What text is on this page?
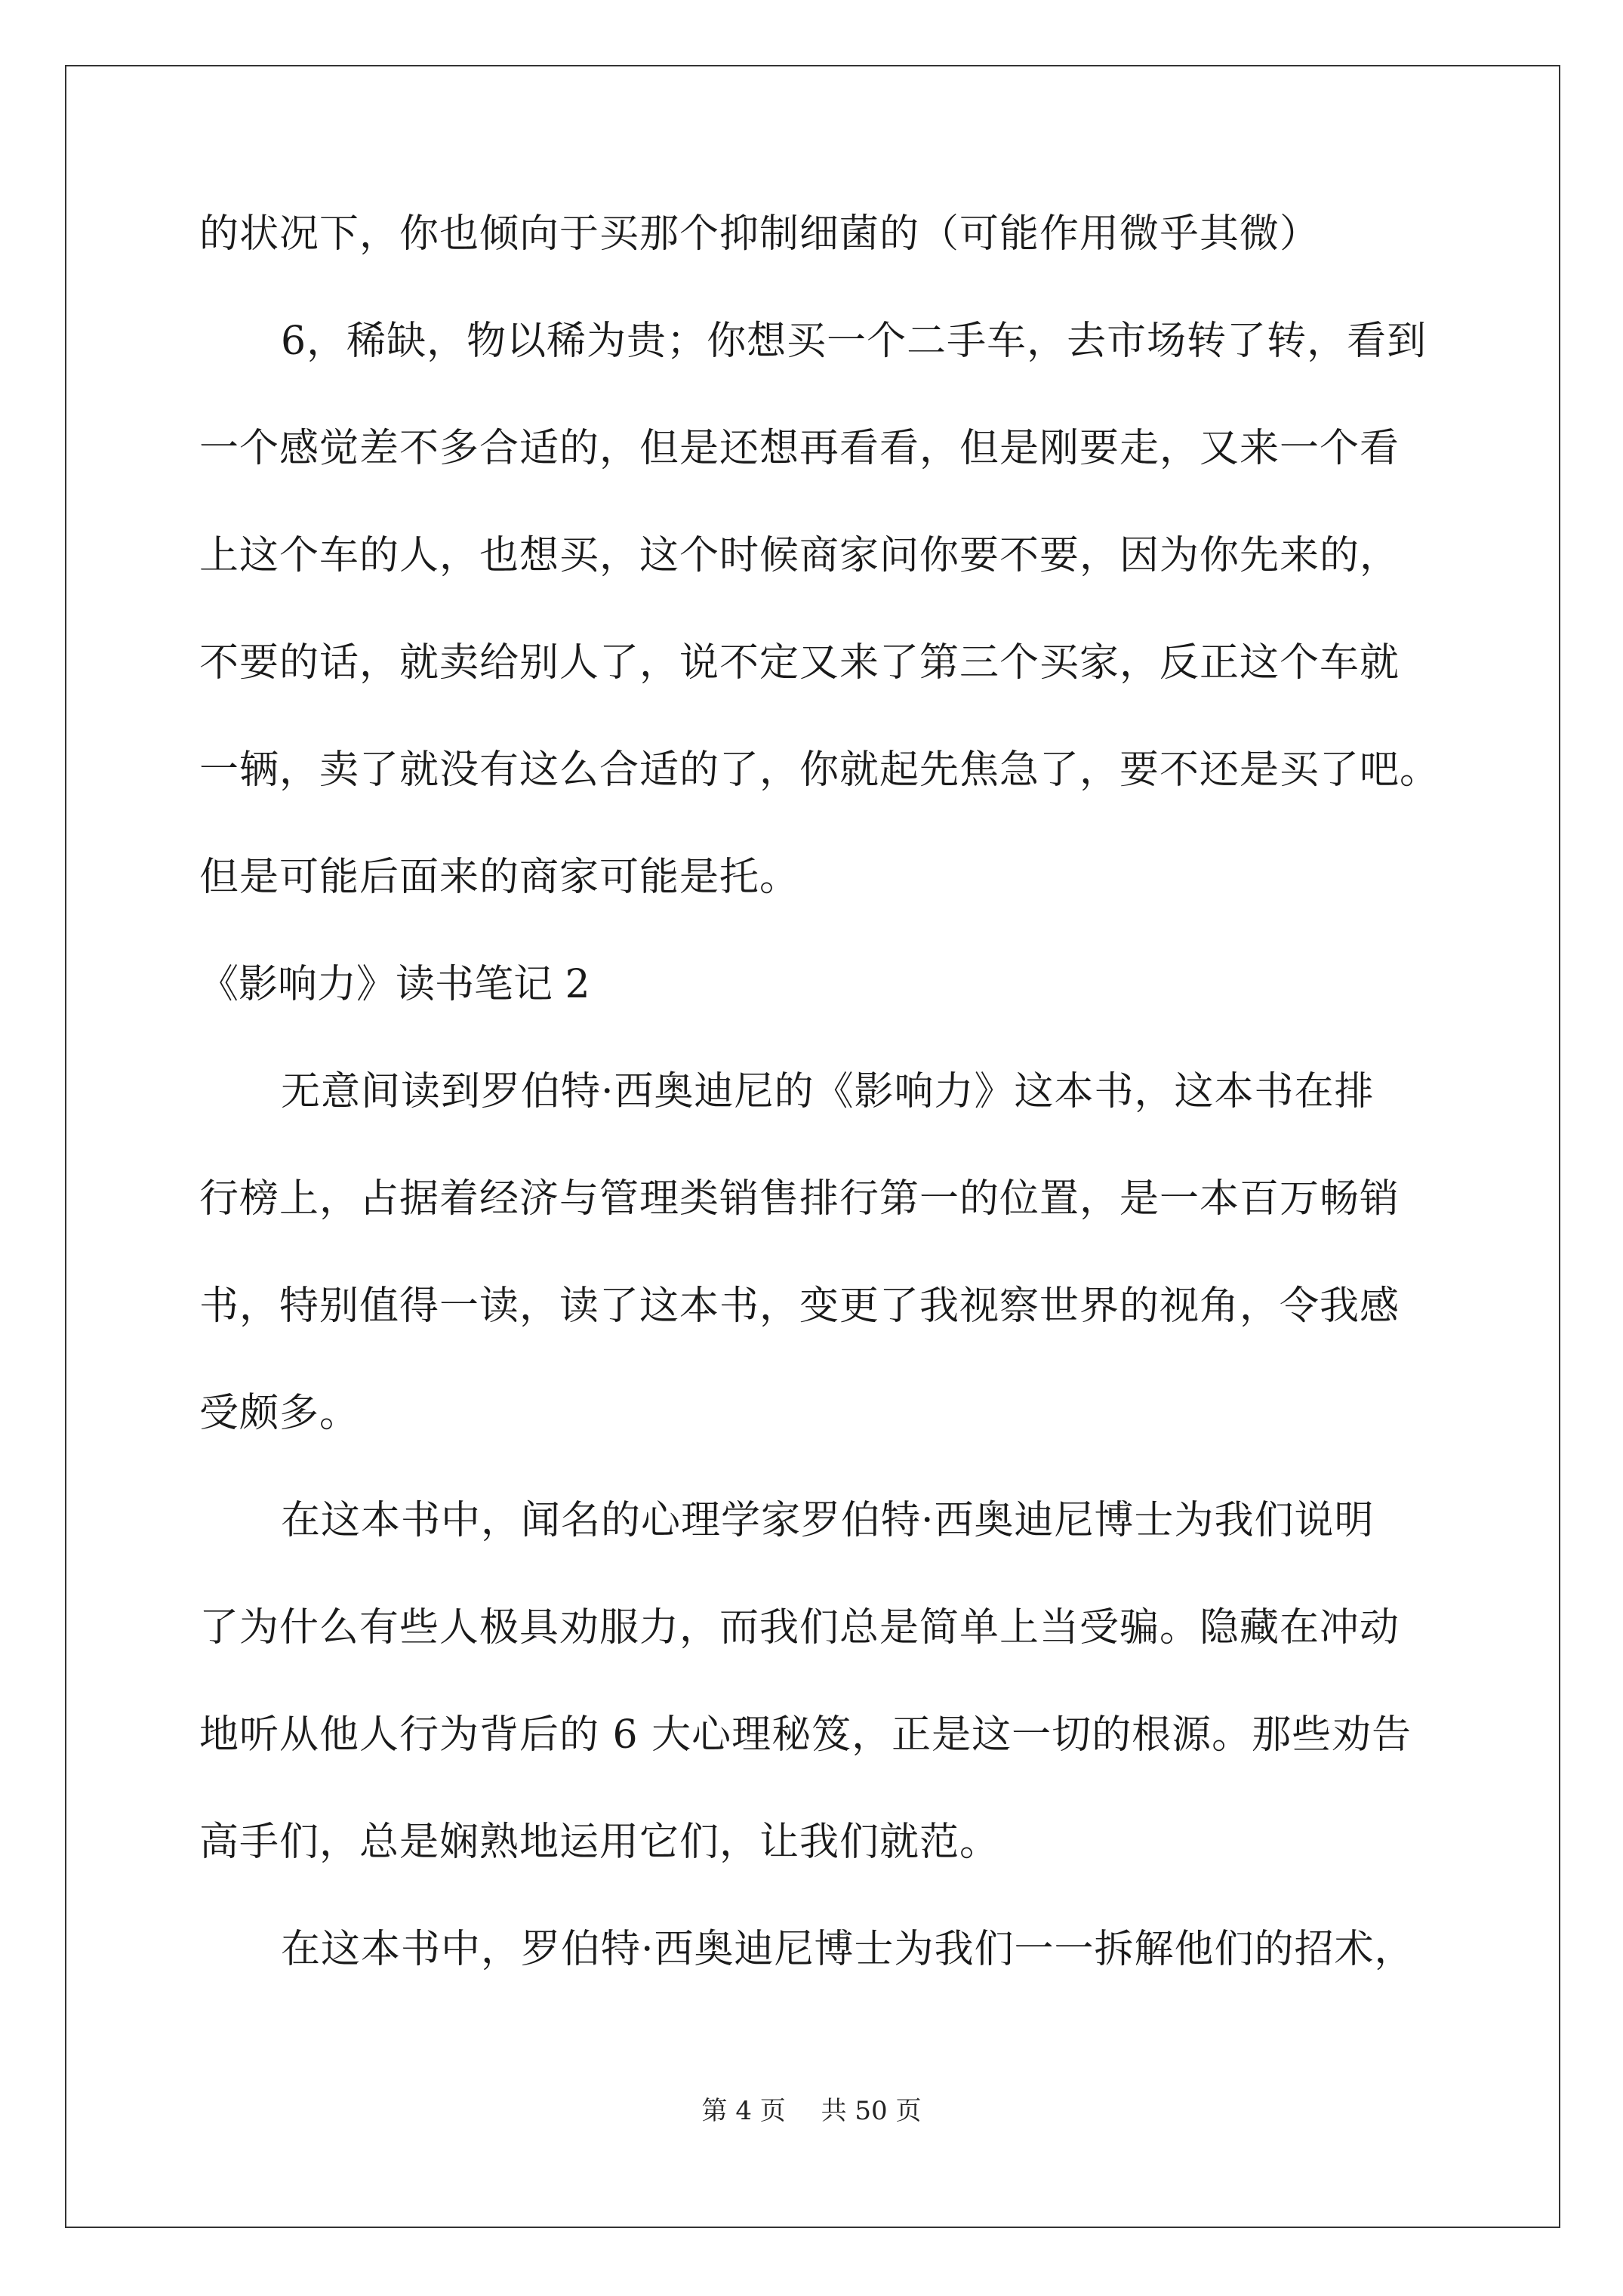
的状况下，你也倾向于买那个抑制细菌的（可能作用微乎其微）
6，稀缺，物以稀为贵；你想买一个二手车，去市场转了转，看到
一个感觉差不多合适的，但是还想再看看，但是刚要走，又来一个看
上这个车的人，也想买，这个时候商家问你要不要，因为你先来的，
不要的话，就卖给别人了，说不定又来了第三个买家，反正这个车就
一辆，卖了就没有这么合适的了，你就起先焦急了，要不还是买了吧。
但是可能后面来的商家可能是托。
《影响力》读书笔记 2
无意间读到罗伯特·西奥迪尼的《影响力》这本书，这本书在排
行榜上，占据着经济与管理类销售排行第一的位置，是一本百万畅销
书，特别值得一读，读了这本书，变更了我视察世界的视角，令我感
受颇多。
在这本书中，闻名的心理学家罗伯特·西奥迪尼博士为我们说明
了为什么有些人极具劝服力，而我们总是简单上当受骗。隐藏在冲动
地听从他人行为背后的 6 大心理秘笈，正是这一切的根源。那些劝告
高手们，总是娴熟地运用它们，让我们就范。
在这本书中，罗伯特·西奥迪尼博士为我们一一拆解他们的招术，
第 4 页 共 50 页
